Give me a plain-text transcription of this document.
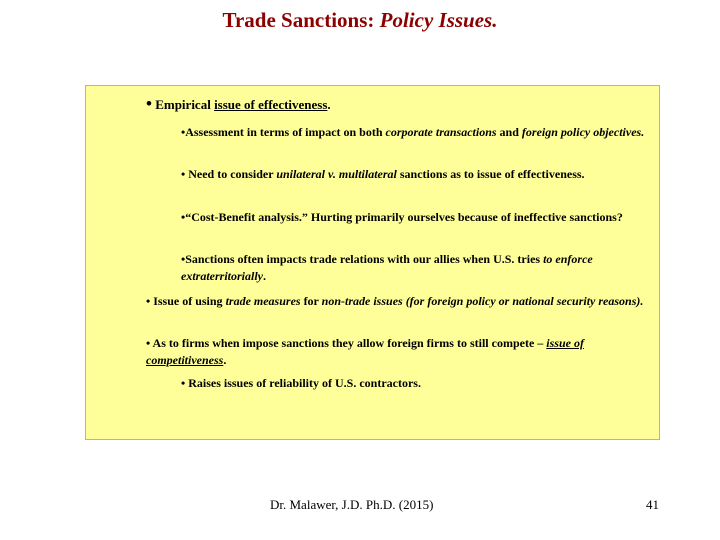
Trade Sanctions: Policy Issues.
• Empirical issue of effectiveness.
•Assessment in terms of impact on both corporate transactions and foreign policy objectives.
• Need to consider unilateral v. multilateral sanctions as to issue of effectiveness.
•“Cost-Benefit analysis.” Hurting primarily ourselves because of ineffective sanctions?
•Sanctions often impacts trade relations with our allies when U.S. tries to enforce extraterritorially.
• Issue of using trade measures for non-trade issues (for foreign policy or national security reasons).
• As to firms when impose sanctions they allow foreign firms to still compete – issue of competitiveness.
• Raises issues of reliability of U.S. contractors.
Dr. Malawer, J.D. Ph.D. (2015)	41
